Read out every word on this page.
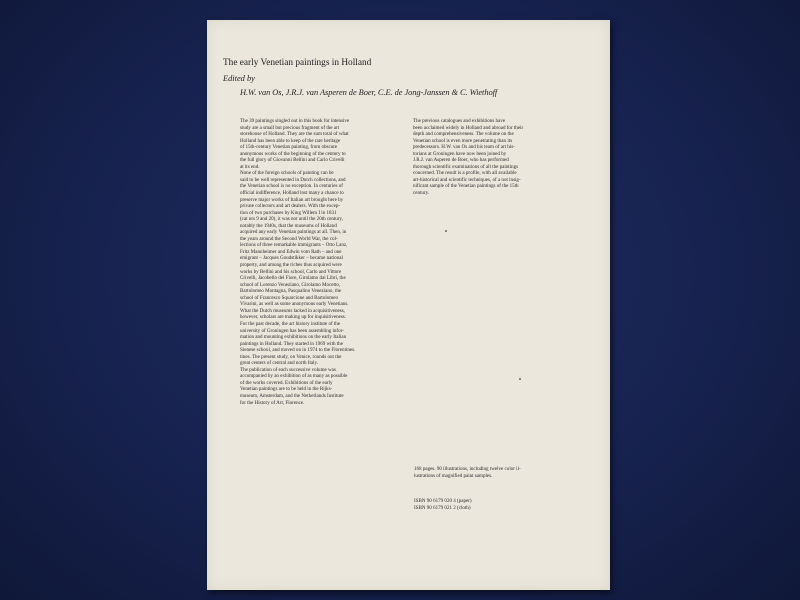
The early Venetian paintings in Holland

Edited by

H.W. van Os, J.R.J. van Asperen de Boer, C.E. de Jong-Janssen & C. Wiethoff

The 39 paintings singled out in this book for intensive

study are a small but precious fragment of the art

storehouse of Holland. They are the sum total of what

Holland has been able to keep of the rare heritage

of 15th-century Venetian painting, from obscure

anonymous works of the beginning of the century to

the full glory of Giovanni Bellini and Carlo Crivelli

at its end.

None of the foreign schools of painting can be

said to be well represented in Dutch collections, and

the Venetian school is no exception. In centuries of

official indifference, Holland lost many a chance to

preserve major works of Italian art brought here by

private collectors and art dealers. With the excep-

tion of two purchases by King Willem I in 1831

(cat nrs 9 and 20), it was not until the 20th century,

notably the 1940s, that the museums of Holland

acquired any early Venetian paintings at all. Then, in

the years around the Second World War, the col-

lections of three remarkable immigrants – Otto Lanz,

Fritz Mannheimer and Edwin vom Rath – and one

emigrant – Jacques Goudstikker – became national

property, and among the riches thus acquired were

works by Bellini and his school, Carlo and Vittore

Crivelli, Jacobello del Fiore, Girolamo dai Libri, the

school of Lorenzo Veneziano, Girolamo Mocetto,

Bartolomeo Montagna, Pasqualino Veneziano, the

school of Francesco Squarcione and Bartolomeo

Vivarini, as well as some anonymous early Venetians.

What the Dutch museums lacked in acquisitiveness,

however, scholars are making up for inquisitiveness.

For the past decade, the art history institute of the

university of Groningen has been assembling infor-

mation and mounting exhibitions on the early Italian

paintings in Holland. They started in 1969 with the

Sienese school, and moved on in 1974 to the Florentines.

tines. The present study, on Venice, rounds out the

great centers of central and north Italy.

The publication of each successive volume was

accompanied by an exhibition of as many as possible

of the works covered. Exhibitions of the early

Venetian paintings are to be held in the Rijks-

museum, Amsterdam, and the Netherlands Institute

for the History of Art, Florence.

The previous catalogues and exhibitions have

been acclaimed widely in Holland and abroad for their

depth and comprehensiveness. The volume on the

Venetian school is even more penetrating than its

predecessors. H.W. van Os and his team of art his-

torians at Groningen have now been joined by

J.R.J. van Asperen de Boer, who has performed

thorough scientific examinations of all the paintings

concerned. The result is a profile, with all available

art-historical and scientific techniques, of a not insig-

nificant sample of the Venetian paintings of the 15th

century.

168 pages. 90 illustrations, including twelve color il-

lustrations of magnified paint samples.

ISBN 90 6179 020 4 (paper)

ISBN 90 6179 021 2 (cloth)
